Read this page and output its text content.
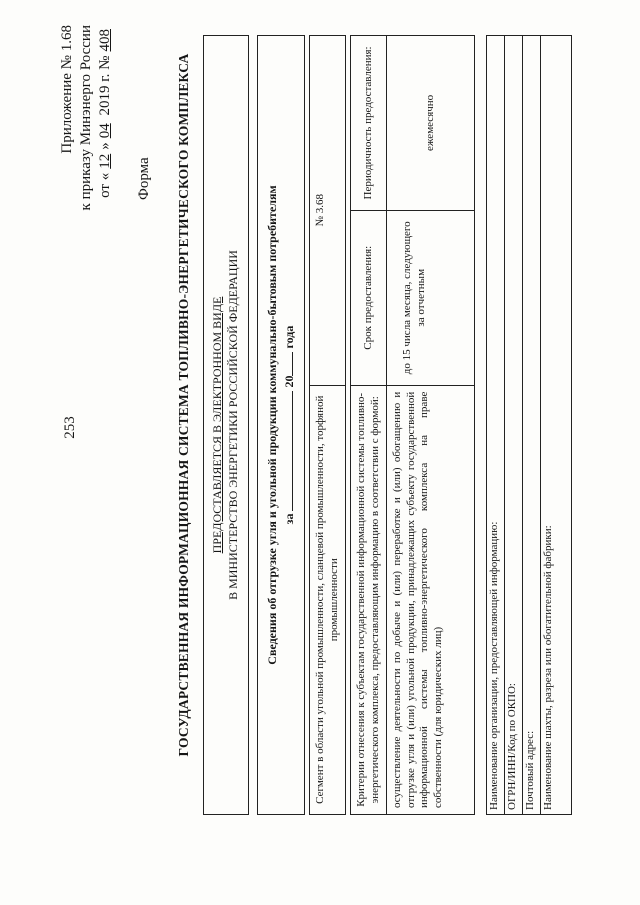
253
Приложение № 1.68 к приказу Минэнерго России от «12»04 2019 г. №408
Форма ГОСУДАРСТВЕННАЯ ИНФОРМАЦИОННАЯ СИСТЕМА ТОПЛИВНО-ЭНЕРГЕТИЧЕСКОГО КОМПЛЕКСА ПРЕДОСТАВЛЯЕТСЯ В ЭЛЕКТРОННОМ ВИДЕ В МИНИСТЕРСТВО ЭНЕРГЕТИКИ РОССИЙСКОЙ ФЕДЕРАЦИИ Сведения об отгрузке угля и угольной продукции коммунально-бытовым потребителям за  20 года
Сегмент в области угольной промышленности, сланцевой промышленности, торфяной промышленности	№ 3.68
Критерии отнесения к субъектам государственной информационной системы топливно-энергетического комплекса, предоставляющим информацию в соответствии с формой:	Срок предоставления:	Периодичность предоставления:
осуществление деятельности по добыче и (или) переработке и (или) обогащению и отгрузке угля и (или) угольной продукции, принадлежащих субъекту государственной информационной системы топливно-энергетического комплекса на праве собственности (для юридических лиц)	до 15 числа месяца, следующего за отчетным	ежемесячно
Наименование организации, предоставляющей информацию: ОГРН/ИНН/Код по ОКПО: Почтовый адрес: Наименование шахты, разреза или обогатительной фабрики:
